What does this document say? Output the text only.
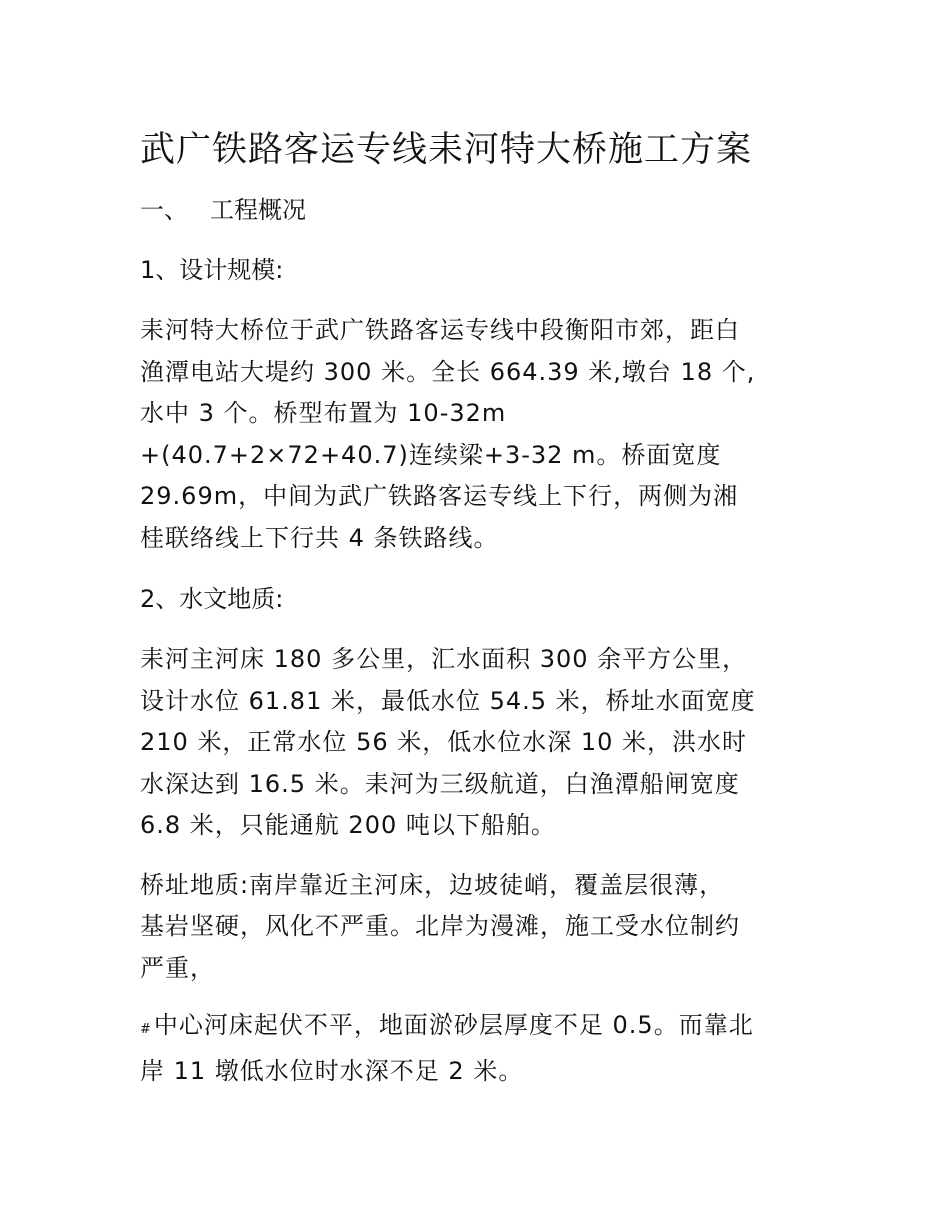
武广铁路客运专线耒河特大桥施工方案
一、 工程概况
1、设计规模:

耒河特大桥位于武广铁路客运专线中段衡阳市郊，距白
渔潭电站大堤约 300 米。全长 664.39 米,墩台 18 个,
水中 3 个。桥型布置为 10-32m
+(40.7+2×72+40.7)连续梁+3-32 m。桥面宽度
29.69m，中间为武广铁路客运专线上下行，两侧为湘
桂联络线上下行共 4 条铁路线。

2、水文地质:

耒河主河床 180 多公里，汇水面积 300 余平方公里，
设计水位 61.81 米，最低水位 54.5 米，桥址水面宽度
210 米，正常水位 56 米，低水位水深 10 米，洪水时
水深达到 16.5 米。耒河为三级航道，白渔潭船闸宽度
6.8 米，只能通航 200 吨以下船舶。

桥址地质:南岸靠近主河床，边坡徒峭，覆盖层很薄，
基岩坚硬，风化不严重。北岸为漫滩，施工受水位制约
严重，

#中心河床起伏不平，地面淤砂层厚度不足 0.5。而靠北
岸 11 墩低水位时水深不足 2 米。
